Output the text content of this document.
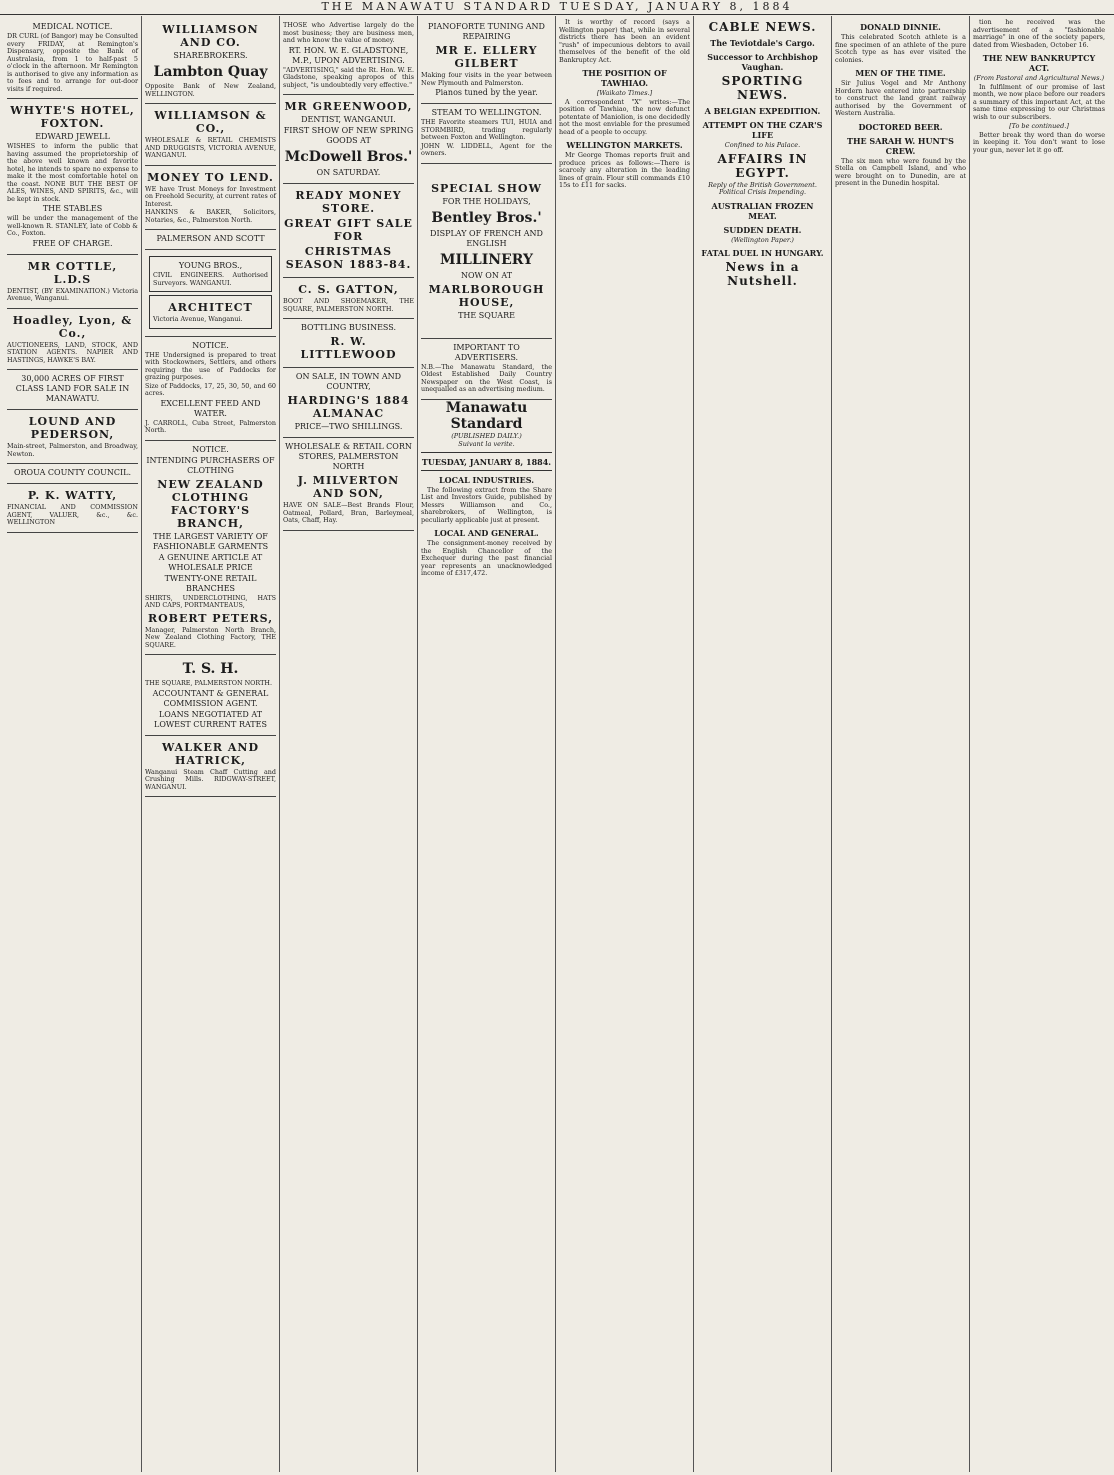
THE MANAWATU STANDARD TUESDAY, JANUARY 8, 1884
MEDICAL NOTICE.

DR CURL (of Bangor) may be Consulted every FRIDAY, at Remington's Dispensary, opposite the Bank of Australasia, from 1 to half-past 5 o'clock in the afternoon. Mr Remington is authorised to give any information as to fees and to arrange for out-door visits if required.

WHYTE'S HOTEL, FOXTON.
EDWARD JEWELL

WISHES to inform the public that having assumed the proprietorship of the above well known and favorite hotel, he intends to spare no expense to make it the most comfortable hotel on the coast. NONE BUT THE BEST OF ALES, WINES, AND SPIRITS, &c., will be kept in stock.

THE STABLES

will be under the management of the well-known R. STANLEY, late of Cobb & Co., Foxton.

FREE OF CHARGE.
MR COTTLE, L.D.S

DENTIST, (BY EXAMINATION.) Victoria Avenue, Wanganui.

Hoadley, Lyon, & Co.,

AUCTIONEERS, LAND, STOCK, AND STATION AGENTS. NAPIER AND HASTINGS, HAWKE'S BAY.

30,000 ACRES OF FIRST CLASS LAND FOR SALE IN MANAWATU.
LOUND AND PEDERSON,

Main-street, Palmerston, and Broadway, Newton.

OROUA COUNTY COUNCIL.
P. K. WATTY,

FINANCIAL AND COMMISSION AGENT, VALUER, &c., &c. WELLINGTON

WILLIAMSON AND CO.
SHAREBROKERS.
Lambton Quay

Opposite Bank of New Zealand, WELLINGTON.

WILLIAMSON & CO.,

WHOLESALE & RETAIL CHEMISTS AND DRUGGISTS, VICTORIA AVENUE, WANGANUI.

MONEY TO LEND.

WE have Trust Moneys for Investment on Freehold Security, at current rates of Interest.

HANKINS & BAKER, Solicitors, Notaries, &c., Palmerston North.

PALMERSON AND SCOTT
YOUNG BROS.,

CIVIL ENGINEERS. Authorised Surveyors. WANGANUI.

ARCHITECT

Victoria Avenue, Wanganui.

NOTICE.

THE Undersigned is prepared to treat with Stockowners, Settlers, and others requiring the use of Paddocks for grazing purposes.

Size of Paddocks, 17, 25, 30, 50, and 60 acres.

EXCELLENT FEED AND WATER.

J. CARROLL, Cuba Street, Palmerston North.

NOTICE.
INTENDING PURCHASERS OF CLOTHING
NEW ZEALAND CLOTHING FACTORY'S BRANCH,
THE LARGEST VARIETY OF FASHIONABLE GARMENTS
A GENUINE ARTICLE AT WHOLESALE PRICE
TWENTY-ONE RETAIL BRANCHES

SHIRTS, UNDERCLOTHING, HATS AND CAPS, PORTMANTEAUS,

ROBERT PETERS,

Manager, Palmerston North Branch, New Zealand Clothing Factory, THE SQUARE.

T. S. H.

THE SQUARE, PALMERSTON NORTH.

ACCOUNTANT & GENERAL COMMISSION AGENT.
LOANS NEGOTIATED AT LOWEST CURRENT RATES
WALKER AND HATRICK,

Wanganui Steam Chaff Cutting and Crushing Mills. RIDGWAY-STREET, WANGANUI.

THOSE who Advertise largely do the most business; they are business men, and who know the value of money.

RT. HON. W. E. GLADSTONE, M.P., UPON ADVERTISING.

"ADVERTISING," said the Rt. Hon. W. E. Gladstone, speaking apropos of this subject, "is undoubtedly very effective."

MR GREENWOOD,
DENTIST, WANGANUI.
FIRST SHOW OF NEW SPRING GOODS AT
McDowell Bros.'
ON SATURDAY.
READY MONEY STORE.
GREAT GIFT SALE FOR
CHRISTMAS SEASON 1883-84.
C. S. GATTON,

BOOT AND SHOEMAKER, THE SQUARE, PALMERSTON NORTH.

BOTTLING BUSINESS.
R. W. LITTLEWOOD
ON SALE, IN TOWN AND COUNTRY,
HARDING'S 1884 ALMANAC
PRICE—TWO SHILLINGS.
WHOLESALE & RETAIL CORN STORES, PALMERSTON NORTH
J. MILVERTON AND SON,

HAVE ON SALE—Best Brands Flour, Oatmeal, Pollard, Bran, Barleymeal, Oats, Chaff, Hay.

PIANOFORTE TUNING AND REPAIRING
MR E. ELLERY GILBERT

Making four visits in the year between New Plymouth and Palmerston.

Pianos tuned by the year.
STEAM TO WELLINGTON.

THE Favorite steamers TUI, HUIA and STORMBIRD, trading regularly between Foxton and Wellington.

JOHN W. LIDDELL, Agent for the owners.

SPECIAL SHOW
FOR THE HOLIDAYS,
Bentley Bros.'
DISPLAY OF FRENCH AND ENGLISH
MILLINERY
NOW ON AT
MARLBOROUGH HOUSE,
THE SQUARE
IMPORTANT TO ADVERTISERS.

N.B.—The Manawatu Standard, the Oldest Established Daily Country Newspaper on the West Coast, is unequalled as an advertising medium.

Manawatu Standard
(PUBLISHED DAILY.)
Suivant la verite.
TUESDAY, JANUARY 8, 1884.
LOCAL INDUSTRIES.

The following extract from the Share List and Investors Guide, published by Messrs Williamson and Co., sharebrokers, of Wellington, is peculiarly applicable just at present.

LOCAL AND GENERAL.

The consignment-money received by the English Chancellor of the Exchequer during the past financial year represents an unacknowledged income of £317,472.

It is worthy of record (says a Wellington paper) that, while in several districts there has been an evident "rush" of impecunious debtors to avail themselves of the benefit of the old Bankruptcy Act.

THE POSITION OF TAWHIAO.
[Waikato Times.]

A correspondent "X" writes:—The position of Tawhiao, the now defunct potentate of Maniolion, is one decidedly not the most enviable for the presumed head of a people to occupy.

WELLINGTON MARKETS.

Mr George Thomas reports fruit and produce prices as follows:—There is scarcely any alteration in the leading lines of grain. Flour still commands £10 15s to £11 for sacks.

CABLE NEWS.
The Teviotdale's Cargo.
Successor to Archbishop Vaughan.
SPORTING NEWS.
A BELGIAN EXPEDITION.
ATTEMPT ON THE CZAR'S LIFE
Confined to his Palace.
AFFAIRS IN EGYPT.
Reply of the British Government. Political Crisis Impending.
AUSTRALIAN FROZEN MEAT.
SUDDEN DEATH.
(Wellington Paper.)
FATAL DUEL IN HUNGARY.
News in a Nutshell.
DONALD DINNIE.

This celebrated Scotch athlete is a fine specimen of an athlete of the pure Scotch type as has ever visited the colonies.

MEN OF THE TIME.

Sir Julius Vogel and Mr Anthony Hordern have entered into partnership to construct the land grant railway authorised by the Government of Western Australia.

DOCTORED BEER.
THE SARAH W. HUNT'S CREW.

The six men who were found by the Stella on Campbell Island, and who were brought on to Dunedin, are at present in the Dunedin hospital.

tion he received was the advertisement of a "fashionable marriage" in one of the society papers, dated from Wiesbaden, October 16.

THE NEW BANKRUPTCY ACT.
(From Pastoral and Agricultural News.)

In fulfilment of our promise of last month, we now place before our readers a summary of this important Act, at the same time expressing to our Christmas wish to our subscribers.

[To be continued.]

Better break thy word than do worse in keeping it. You don't want to lose your gun, never let it go off.
